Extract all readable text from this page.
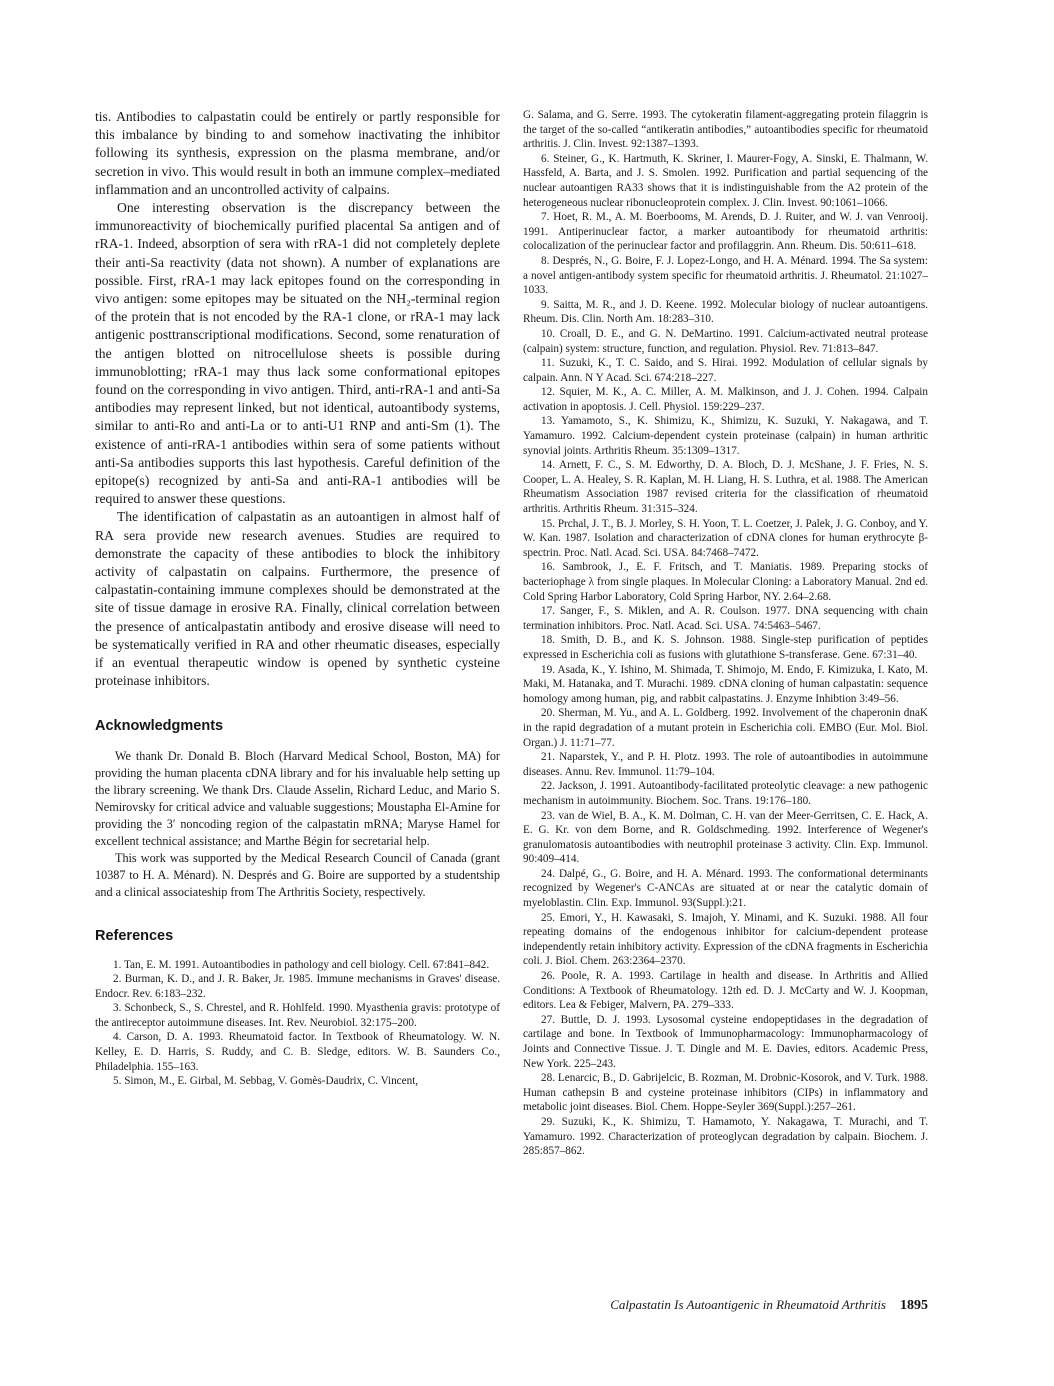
tis. Antibodies to calpastatin could be entirely or partly responsible for this imbalance by binding to and somehow inactivating the inhibitor following its synthesis, expression on the plasma membrane, and/or secretion in vivo. This would result in both an immune complex–mediated inflammation and an uncontrolled activity of calpains.

One interesting observation is the discrepancy between the immunoreactivity of biochemically purified placental Sa antigen and of rRA-1. Indeed, absorption of sera with rRA-1 did not completely deplete their anti-Sa reactivity (data not shown). A number of explanations are possible. First, rRA-1 may lack epitopes found on the corresponding in vivo antigen: some epitopes may be situated on the NH₂-terminal region of the protein that is not encoded by the RA-1 clone, or rRA-1 may lack antigenic posttranscriptional modifications. Second, some renaturation of the antigen blotted on nitrocellulose sheets is possible during immunoblotting; rRA-1 may thus lack some conformational epitopes found on the corresponding in vivo antigen. Third, anti-rRA-1 and anti-Sa antibodies may represent linked, but not identical, autoantibody systems, similar to anti-Ro and anti-La or to anti-U1 RNP and anti-Sm (1). The existence of anti-rRA-1 antibodies within sera of some patients without anti-Sa antibodies supports this last hypothesis. Careful definition of the epitope(s) recognized by anti-Sa and anti-RA-1 antibodies will be required to answer these questions.

The identification of calpastatin as an autoantigen in almost half of RA sera provide new research avenues. Studies are required to demonstrate the capacity of these antibodies to block the inhibitory activity of calpastatin on calpains. Furthermore, the presence of calpastatin-containing immune complexes should be demonstrated at the site of tissue damage in erosive RA. Finally, clinical correlation between the presence of anticalpastatin antibody and erosive disease will need to be systematically verified in RA and other rheumatic diseases, especially if an eventual therapeutic window is opened by synthetic cysteine proteinase inhibitors.

Acknowledgments

We thank Dr. Donald B. Bloch (Harvard Medical School, Boston, MA) for providing the human placenta cDNA library and for his invaluable help setting up the library screening. We thank Drs. Claude Asselin, Richard Leduc, and Mario S. Nemirovsky for critical advice and valuable suggestions; Moustapha El-Amine for providing the 3′ noncoding region of the calpastatin mRNA; Maryse Hamel for excellent technical assistance; and Marthe Bégin for secretarial help.

This work was supported by the Medical Research Council of Canada (grant 10387 to H. A. Ménard). N. Després and G. Boire are supported by a studentship and a clinical associateship from The Arthritis Society, respectively.

References

1. Tan, E. M. 1991. Autoantibodies in pathology and cell biology. Cell. 67:841–842.

2. Burman, K. D., and J. R. Baker, Jr. 1985. Immune mechanisms in Graves' disease. Endocr. Rev. 6:183–232.

3. Schonbeck, S., S. Chrestel, and R. Hohlfeld. 1990. Myasthenia gravis: prototype of the antireceptor autoimmune diseases. Int. Rev. Neurobiol. 32:175–200.

4. Carson, D. A. 1993. Rheumatoid factor. In Textbook of Rheumatology. W. N. Kelley, E. D. Harris, S. Ruddy, and C. B. Sledge, editors. W. B. Saunders Co., Philadelphia. 155–163.

5. Simon, M., E. Girbal, M. Sebbag, V. Gomès-Daudrix, C. Vincent,

G. Salama, and G. Serre. 1993. The cytokeratin filament-aggregating protein filaggrin is the target of the so-called “antikeratin antibodies,” autoantibodies specific for rheumatoid arthritis. J. Clin. Invest. 92:1387–1393.

6. Steiner, G., K. Hartmuth, K. Skriner, I. Maurer-Fogy, A. Sinski, E. Thalmann, W. Hassfeld, A. Barta, and J. S. Smolen. 1992. Purification and partial sequencing of the nuclear autoantigen RA33 shows that it is indistinguishable from the A2 protein of the heterogeneous nuclear ribonucleoprotein complex. J. Clin. Invest. 90:1061–1066.

7. Hoet, R. M., A. M. Boerbooms, M. Arends, D. J. Ruiter, and W. J. van Venrooij. 1991. Antiperinuclear factor, a marker autoantibody for rheumatoid arthritis: colocalization of the perinuclear factor and profilaggrin. Ann. Rheum. Dis. 50:611–618.

8. Després, N., G. Boire, F. J. Lopez-Longo, and H. A. Ménard. 1994. The Sa system: a novel antigen-antibody system specific for rheumatoid arthritis. J. Rheumatol. 21:1027–1033.

9. Saitta, M. R., and J. D. Keene. 1992. Molecular biology of nuclear autoantigens. Rheum. Dis. Clin. North Am. 18:283–310.

10. Croall, D. E., and G. N. DeMartino. 1991. Calcium-activated neutral protease (calpain) system: structure, function, and regulation. Physiol. Rev. 71:813–847.

11. Suzuki, K., T. C. Saido, and S. Hirai. 1992. Modulation of cellular signals by calpain. Ann. N Y Acad. Sci. 674:218–227.

12. Squier, M. K., A. C. Miller, A. M. Malkinson, and J. J. Cohen. 1994. Calpain activation in apoptosis. J. Cell. Physiol. 159:229–237.

13. Yamamoto, S., K. Shimizu, K., Shimizu, K. Suzuki, Y. Nakagawa, and T. Yamamuro. 1992. Calcium-dependent cystein proteinase (calpain) in human arthritic synovial joints. Arthritis Rheum. 35:1309–1317.

14. Arnett, F. C., S. M. Edworthy, D. A. Bloch, D. J. McShane, J. F. Fries, N. S. Cooper, L. A. Healey, S. R. Kaplan, M. H. Liang, H. S. Luthra, et al. 1988. The American Rheumatism Association 1987 revised criteria for the classification of rheumatoid arthritis. Arthritis Rheum. 31:315–324.

15. Prchal, J. T., B. J. Morley, S. H. Yoon, T. L. Coetzer, J. Palek, J. G. Conboy, and Y. W. Kan. 1987. Isolation and characterization of cDNA clones for human erythrocyte β-spectrin. Proc. Natl. Acad. Sci. USA. 84:7468–7472.

16. Sambrook, J., E. F. Fritsch, and T. Maniatis. 1989. Preparing stocks of bacteriophage λ from single plaques. In Molecular Cloning: a Laboratory Manual. 2nd ed. Cold Spring Harbor Laboratory, Cold Spring Harbor, NY. 2.64–2.68.

17. Sanger, F., S. Miklen, and A. R. Coulson. 1977. DNA sequencing with chain termination inhibitors. Proc. Natl. Acad. Sci. USA. 74:5463–5467.

18. Smith, D. B., and K. S. Johnson. 1988. Single-step purification of peptides expressed in Escherichia coli as fusions with glutathione S-transferase. Gene. 67:31–40.

19. Asada, K., Y. Ishino, M. Shimada, T. Shimojo, M. Endo, F. Kimizuka, I. Kato, M. Maki, M. Hatanaka, and T. Murachi. 1989. cDNA cloning of human calpastatin: sequence homology among human, pig, and rabbit calpastatins. J. Enzyme Inhibtion 3:49–56.

20. Sherman, M. Yu., and A. L. Goldberg. 1992. Involvement of the chaperonin dnaK in the rapid degradation of a mutant protein in Escherichia coli. EMBO (Eur. Mol. Biol. Organ.) J. 11:71–77.

21. Naparstek, Y., and P. H. Plotz. 1993. The role of autoantibodies in autoimmune diseases. Annu. Rev. Immunol. 11:79–104.

22. Jackson, J. 1991. Autoantibody-facilitated proteolytic cleavage: a new pathogenic mechanism in autoimmunity. Biochem. Soc. Trans. 19:176–180.

23. van de Wiel, B. A., K. M. Dolman, C. H. van der Meer-Gerritsen, C. E. Hack, A. E. G. Kr. von dem Borne, and R. Goldschmeding. 1992. Interference of Wegener's granulomatosis autoantibodies with neutrophil proteinase 3 activity. Clin. Exp. Immunol. 90:409–414.

24. Dalpé, G., G. Boire, and H. A. Ménard. 1993. The conformational determinants recognized by Wegener's C-ANCAs are situated at or near the catalytic domain of myeloblastin. Clin. Exp. Immunol. 93(Suppl.):21.

25. Emori, Y., H. Kawasaki, S. Imajoh, Y. Minami, and K. Suzuki. 1988. All four repeating domains of the endogenous inhibitor for calcium-dependent protease independently retain inhibitory activity. Expression of the cDNA fragments in Escherichia coli. J. Biol. Chem. 263:2364–2370.

26. Poole, R. A. 1993. Cartilage in health and disease. In Arthritis and Allied Conditions: A Textbook of Rheumatology. 12th ed. D. J. McCarty and W. J. Koopman, editors. Lea & Febiger, Malvern, PA. 279–333.

27. Buttle, D. J. 1993. Lysosomal cysteine endopeptidases in the degradation of cartilage and bone. In Textbook of Immunopharmacology: Immunopharmacology of Joints and Connective Tissue. J. T. Dingle and M. E. Davies, editors. Academic Press, New York. 225–243.

28. Lenarcic, B., D. Gabrijelcic, B. Rozman, M. Drobnic-Kosorok, and V. Turk. 1988. Human cathepsin B and cysteine proteinase inhibitors (CIPs) in inflammatory and metabolic joint diseases. Biol. Chem. Hoppe-Seyler 369(Suppl.):257–261.

29. Suzuki, K., K. Shimizu, T. Hamamoto, Y. Nakagawa, T. Murachi, and T. Yamamuro. 1992. Characterization of proteoglycan degradation by calpain. Biochem. J. 285:857–862.

Calpastatin Is Autoantigenic in Rheumatoid Arthritis 1895
